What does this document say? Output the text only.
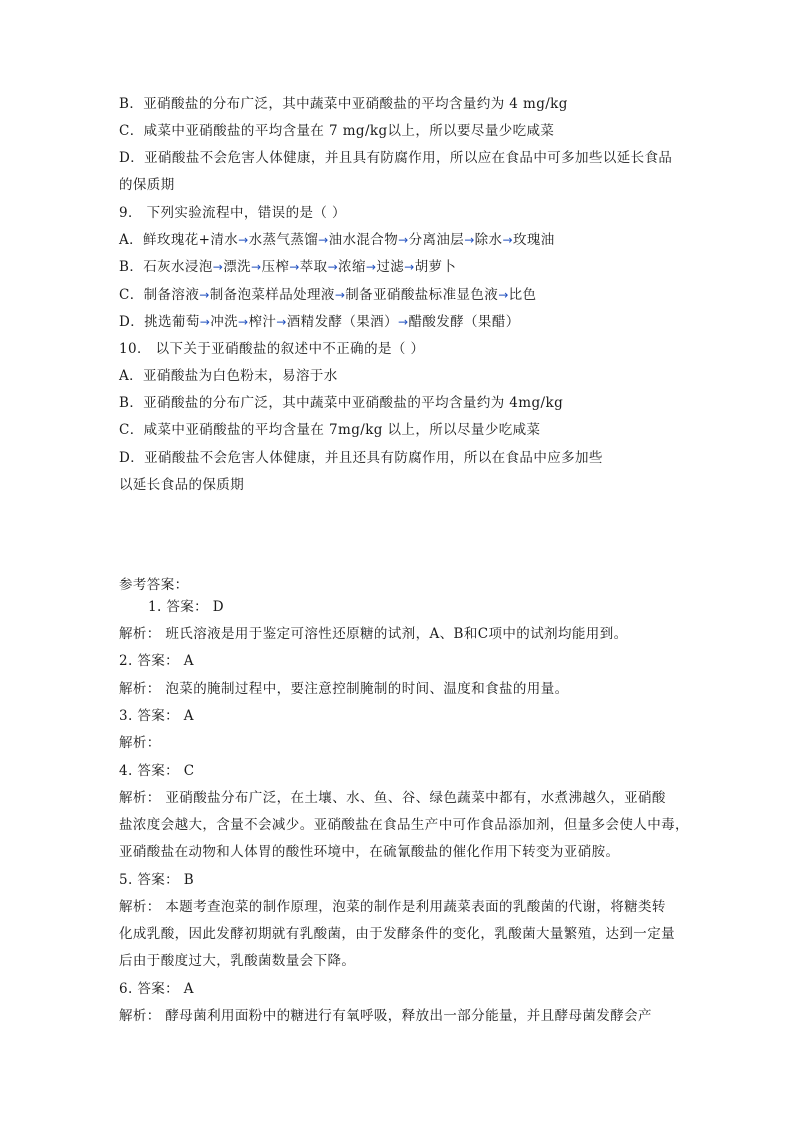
B．亚硝酸盐的分布广泛，其中蔬菜中亚硝酸盐的平均含量约为 4 mg/kg
C．咸菜中亚硝酸盐的平均含量在 7 mg/kg以上，所以要尽量少吃咸菜
D．亚硝酸盐不会危害人体健康，并且具有防腐作用，所以应在食品中可多加些以延长食品
的保质期
9． 下列实验流程中，错误的是（ ）
A．鲜玫瑰花+清水→水蒸气蒸馏→油水混合物→分离油层→除水→玫瑰油
B．石灰水浸泡→漂洗→压榨→萃取→浓缩→过滤→胡萝卜
C．制备溶液→制备泡菜样品处理液→制备亚硝酸盐标准显色液→比色
D．挑选葡萄→冲洗→榨汁→酒精发酵（果酒）→醋酸发酵（果醋）
10． 以下关于亚硝酸盐的叙述中不正确的是（ ）
A．亚硝酸盐为白色粉末，易溶于水
B．亚硝酸盐的分布广泛，其中蔬菜中亚硝酸盐的平均含量约为 4mg/kg
C．咸菜中亚硝酸盐的平均含量在 7mg/kg 以上，所以尽量少吃咸菜
D．亚硝酸盐不会危害人体健康，并且还具有防腐作用，所以在食品中应多加些
以延长食品的保质期
参考答案：
1. 答案： D
解析： 班氏溶液是用于鉴定可溶性还原糖的试剂，A、B和C项中的试剂均能用到。
2. 答案： A
解析： 泡菜的腌制过程中，要注意控制腌制的时间、温度和食盐的用量。
3. 答案： A
解析：
4. 答案： C
解析： 亚硝酸盐分布广泛，在土壤、水、鱼、谷、绿色蔬菜中都有，水煮沸越久，亚硝酸
盐浓度会越大，含量不会减少。亚硝酸盐在食品生产中可作食品添加剂，但量多会使人中毒，
亚硝酸盐在动物和人体胃的酸性环境中，在硫氰酸盐的催化作用下转变为亚硝胺。
5. 答案： B
解析： 本题考查泡菜的制作原理，泡菜的制作是利用蔬菜表面的乳酸菌的代谢，将糖类转
化成乳酸，因此发酵初期就有乳酸菌，由于发酵条件的变化，乳酸菌大量繁殖，达到一定量
后由于酸度过大，乳酸菌数量会下降。
6. 答案： A
解析： 酵母菌利用面粉中的糖进行有氧呼吸，释放出一部分能量，并且酵母菌发酵会产
